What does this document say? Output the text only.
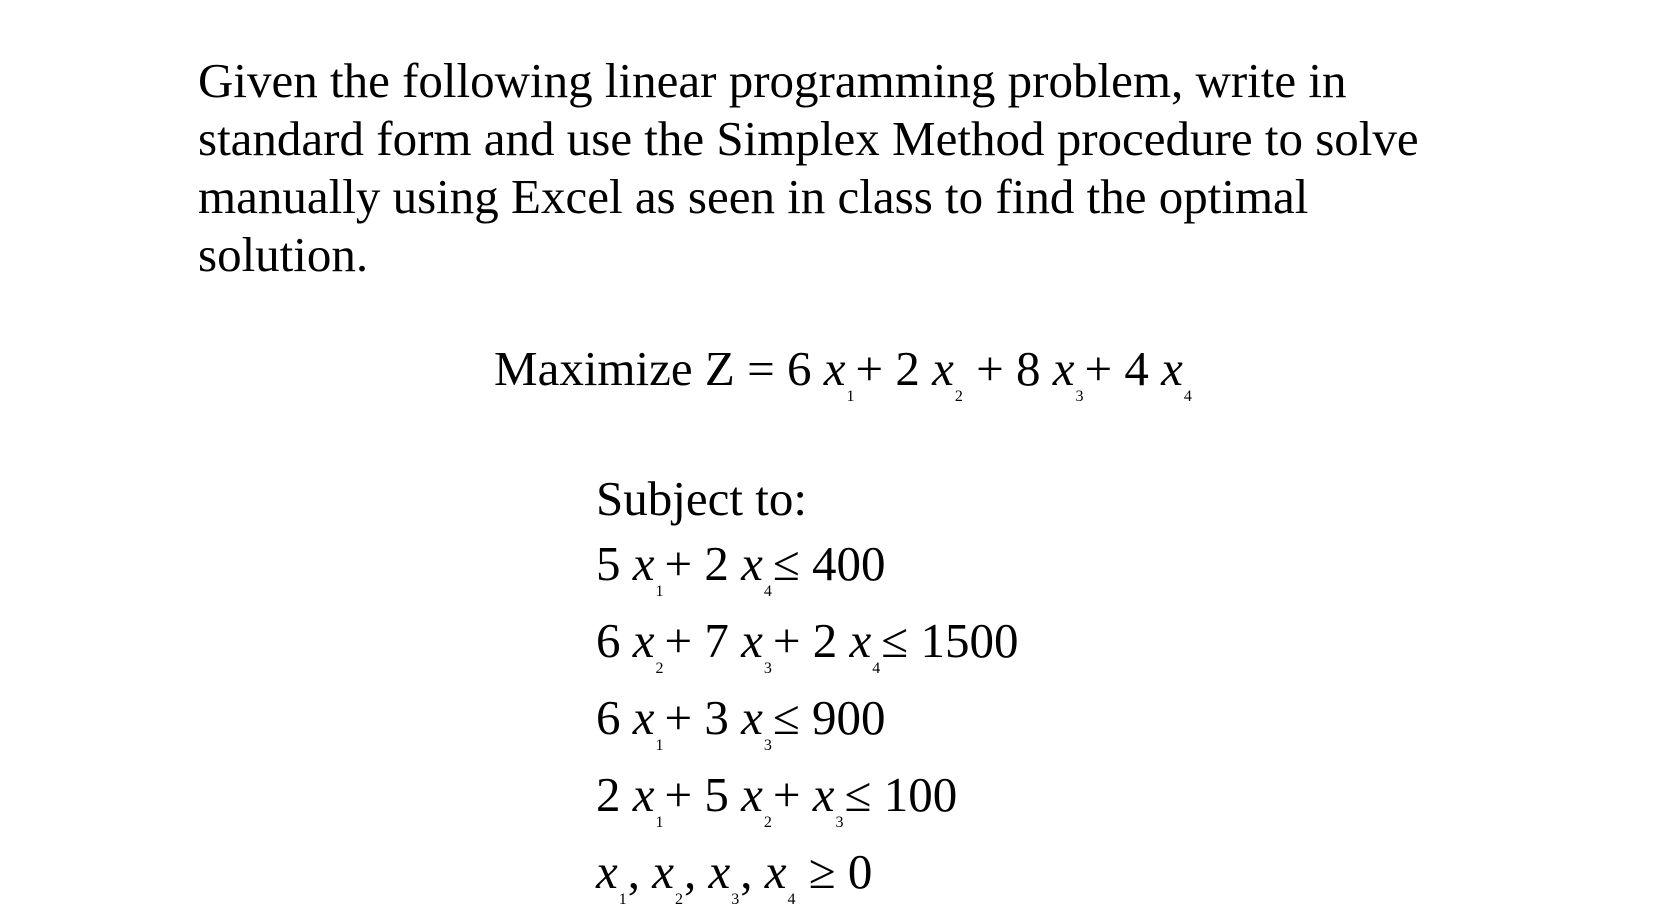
Given the following linear programming problem, write in
standard form and use the Simplex Method procedure to solve
manually using Excel as seen in class to find the optimal
solution.
Maximize Z = 6 $x_1+ 2$ $x_2 + 8$ $x_3+ 4$ $x_4$
Subject to:
5 $x_1+ 2$ $x_4\le 400$
6 $x_2+ 7$ $x_3+ 2$ $x_4\le 1500$
6 $x_1+ 3$ $x_3\le 900$
2 $x_1+ 5$ $x_2+ x_3\le 100$
$x_1$, $x_2$, $x_3$, $x_4 \ge 0$
